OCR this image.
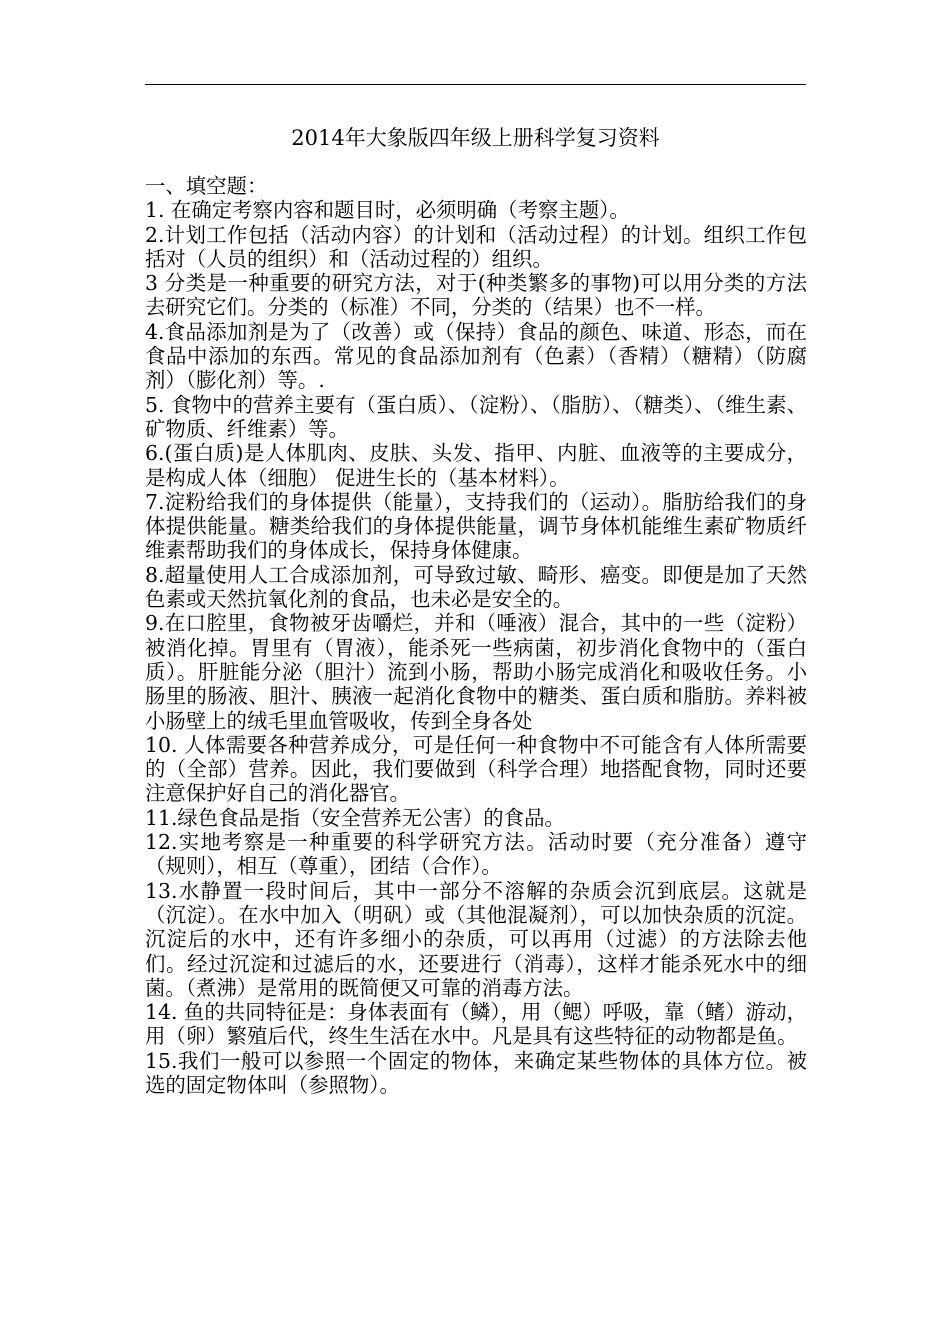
2014年大象版四年级上册科学复习资料

一、填空题：

1. 在确定考察内容和题目时，必须明确（考察主题）。

2.计划工作包括（活动内容）的计划和（活动过程）的计划。组织工作包括对（人员的组织）和（活动过程的）组织。

3 分类是一种重要的研究方法，对于(种类繁多的事物)可以用分类的方法去研究它们。分类的（标准）不同，分类的（结果）也不一样。

4.食品添加剂是为了（改善）或（保持）食品的颜色、味道、形态，而在食品中添加的东西。常见的食品添加剂有（色素）（香精）（糖精）（防腐剂）（膨化剂）等。.

5. 食物中的营养主要有（蛋白质）、（淀粉）、（脂肪）、（糖类）、（维生素、矿物质、纤维素）等。

6.(蛋白质)是人体肌肉、皮肤、头发、指甲、内脏、血液等的主要成分，是构成人体（细胞） 促进生长的（基本材料）。

7.淀粉给我们的身体提供（能量），支持我们的（运动）。脂肪给我们的身体提供能量。糖类给我们的身体提供能量，调节身体机能维生素矿物质纤维素帮助我们的身体成长，保持身体健康。

8.超量使用人工合成添加剂，可导致过敏、畸形、癌变。即便是加了天然色素或天然抗氧化剂的食品，也未必是安全的。

9.在口腔里，食物被牙齿嚼烂，并和（唾液）混合，其中的一些（淀粉）被消化掉。胃里有（胃液），能杀死一些病菌，初步消化食物中的（蛋白质）。肝脏能分泌（胆汁）流到小肠，帮助小肠完成消化和吸收任务。小肠里的肠液、胆汁、胰液一起消化食物中的糖类、蛋白质和脂肪。养料被小肠壁上的绒毛里血管吸收，传到全身各处

10. 人体需要各种营养成分，可是任何一种食物中不可能含有人体所需要的（全部）营养。因此，我们要做到（科学合理）地搭配食物，同时还要注意保护好自己的消化器官。

11.绿色食品是指（安全营养无公害）的食品。

12.实地考察是一种重要的科学研究方法。活动时要（充分准备）遵守（规则），相互（尊重），团结（合作）。

13.水静置一段时间后，其中一部分不溶解的杂质会沉到底层。这就是（沉淀）。在水中加入（明矾）或（其他混凝剂），可以加快杂质的沉淀。沉淀后的水中，还有许多细小的杂质，可以再用（过滤）的方法除去他们。经过沉淀和过滤后的水，还要进行（消毒），这样才能杀死水中的细菌。（煮沸）是常用的既简便又可靠的消毒方法。

14. 鱼的共同特征是：身体表面有（鳞），用（鳃）呼吸，靠（鳍）游动，用（卵）繁殖后代，终生生活在水中。凡是具有这些特征的动物都是鱼。

15.我们一般可以参照一个固定的物体，来确定某些物体的具体方位。被选的固定物体叫（参照物）。
